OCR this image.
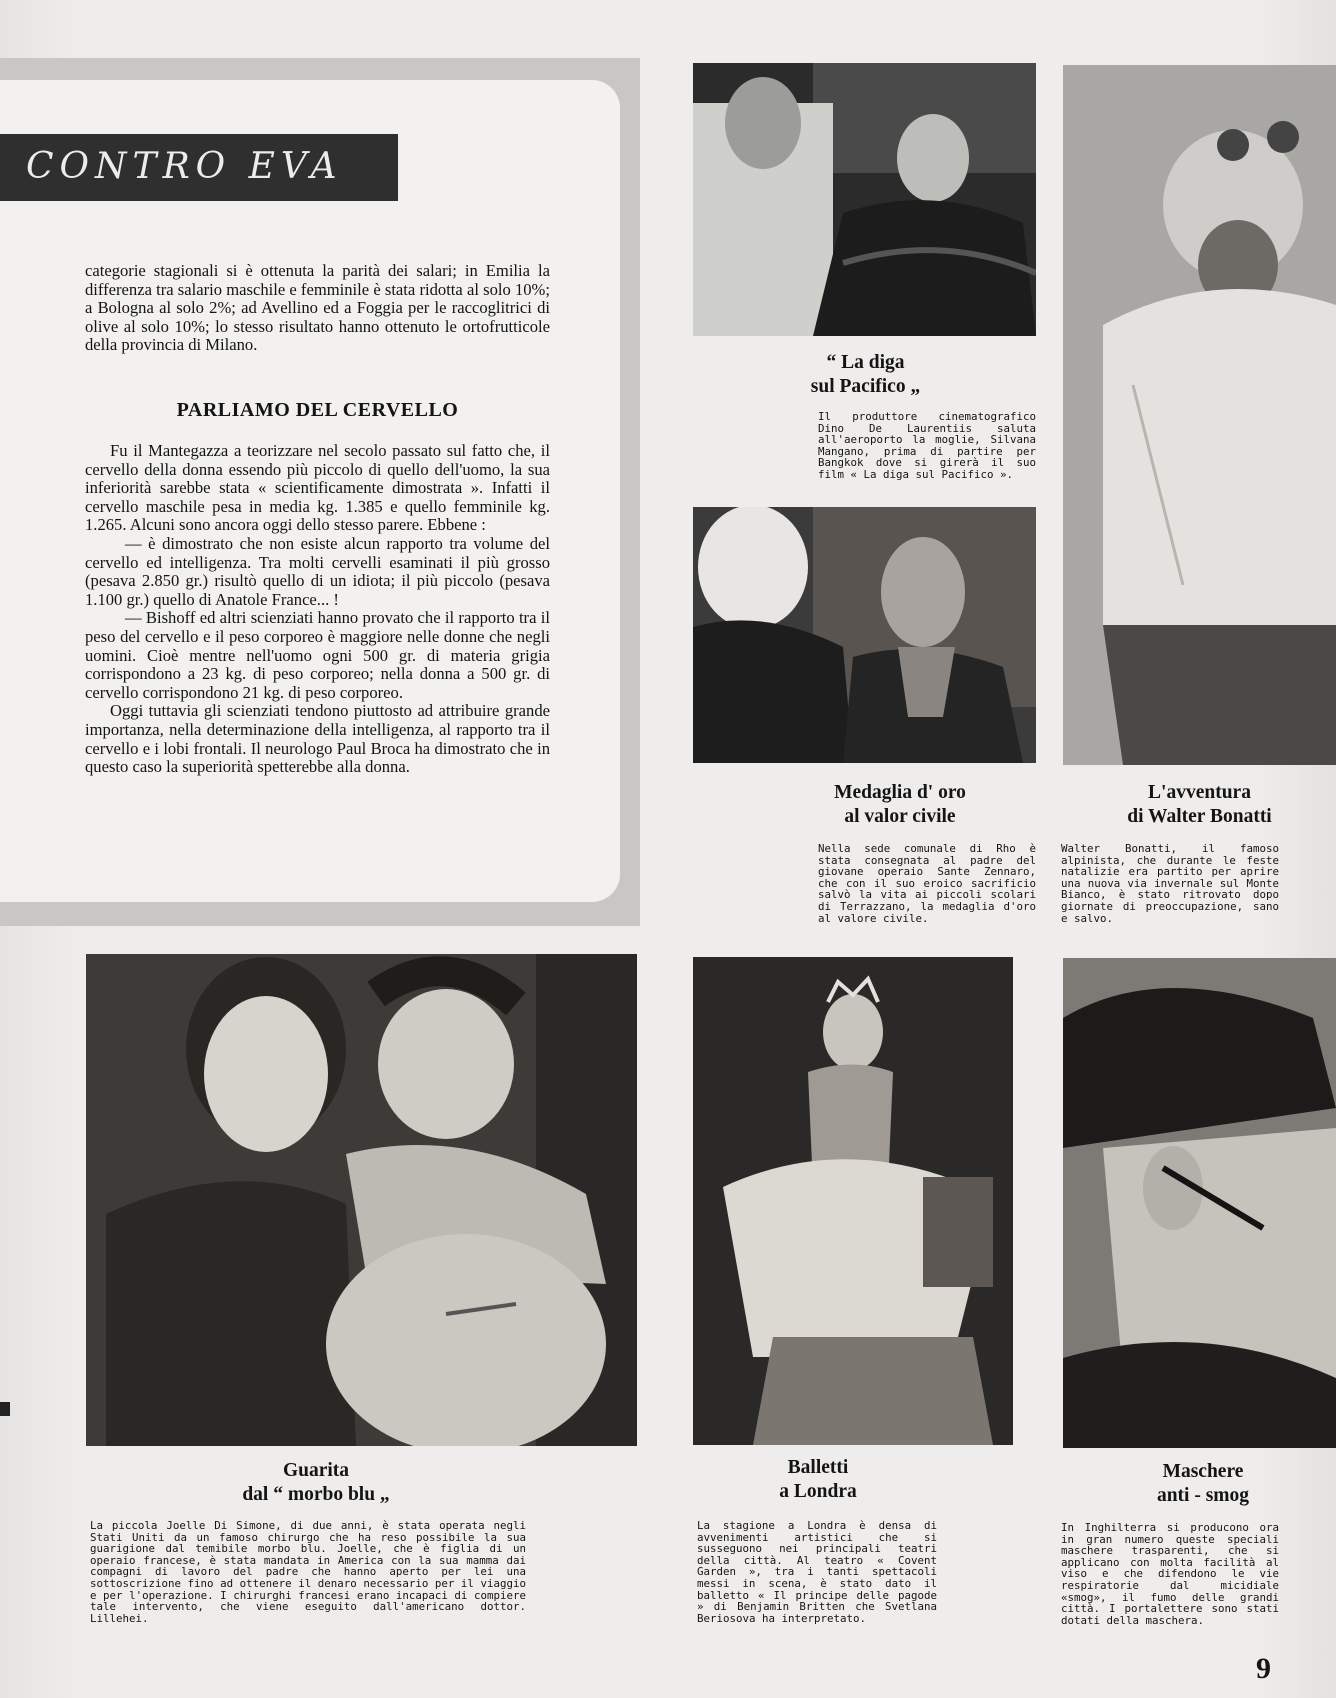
CONTRO EVA

categorie stagionali si è ottenuta la parità dei salari; in Emilia la differenza tra salario maschile e femminile è stata ridotta al solo 10%; a Bologna al solo 2%; ad Avellino ed a Foggia per le raccoglitrici di olive al solo 10%; lo stesso risultato hanno ottenuto le ortofrutticole della provincia di Milano.

PARLIAMO DEL CERVELLO

Fu il Mantegazza a teorizzare nel secolo passato sul fatto che, il cervello della donna essendo più piccolo di quello dell'uomo, la sua inferiorità sarebbe stata « scientificamente dimostrata ». Infatti il cervello maschile pesa in media kg. 1.385 e quello femminile kg. 1.265. Alcuni sono ancora oggi dello stesso parere. Ebbene :

— è dimostrato che non esiste alcun rapporto tra volume del cervello ed intelligenza. Tra molti cervelli esaminati il più grosso (pesava 2.850 gr.) risultò quello di un idiota; il più piccolo (pesava 1.100 gr.) quello di Anatole France... !

— Bishoff ed altri scienziati hanno provato che il rapporto tra il peso del cervello e il peso corporeo è maggiore nelle donne che negli uomini. Cioè mentre nell'uomo ogni 500 gr. di materia grigia corrispondono a 23 kg. di peso corporeo; nella donna a 500 gr. di cervello corrispondono 21 kg. di peso corporeo.

Oggi tuttavia gli scienziati tendono piuttosto ad attribuire grande importanza, nella determinazione della intelligenza, al rapporto tra il cervello e i lobi frontali. Il neurologo Paul Broca ha dimostrato che in questo caso la superiorità spetterebbe alla donna.

“ La diga
sul Pacifico „
Il produttore cinematografico Dino De Laurentiis saluta all'aeroporto la moglie, Silvana Mangano, prima di partire per Bangkok dove si girerà il suo film « La diga sul Pacifico ».
Medaglia d' oro
al valor civile
Nella sede comunale di Rho è stata consegnata al padre del giovane operaio Sante Zennaro, che con il suo eroico sacrificio salvò la vita ai piccoli scolari di Terrazzano, la medaglia d'oro al valore civile.
L'avventura
di Walter Bonatti
Walter Bonatti, il famoso alpinista, che durante le feste natalizie era partito per aprire una nuova via invernale sul Monte Bianco, è stato ritrovato dopo giornate di preoccupazione, sano e salvo.
Guarita
dal “ morbo blu „
La piccola Joelle Di Simone, di due anni, è stata operata negli Stati Uniti da un famoso chirurgo che ha reso possibile la sua guarigione dal temibile morbo blu. Joelle, che è figlia di un operaio francese, è stata mandata in America con la sua mamma dai compagni di lavoro del padre che hanno aperto per lei una sottoscrizione fino ad ottenere il denaro necessario per il viaggio e per l'operazione. I chirurghi francesi erano incapaci di compiere tale intervento, che viene eseguito dall'americano dottor. Lillehei.
Balletti
a Londra
La stagione a Londra è densa di avvenimenti artistici che si susseguono nei principali teatri della città. Al teatro « Covent Garden », tra i tanti spettacoli messi in scena, è stato dato il balletto « Il principe delle pagode » di Benjamin Britten che Svetlana Beriosova ha interpretato.
Maschere
anti - smog
In Inghilterra si producono ora in gran numero queste speciali maschere trasparenti, che si applicano con molta facilità al viso e che difendono le vie respiratorie dal micidiale «smog», il fumo delle grandi città. I portalettere sono stati dotati della maschera.
9
